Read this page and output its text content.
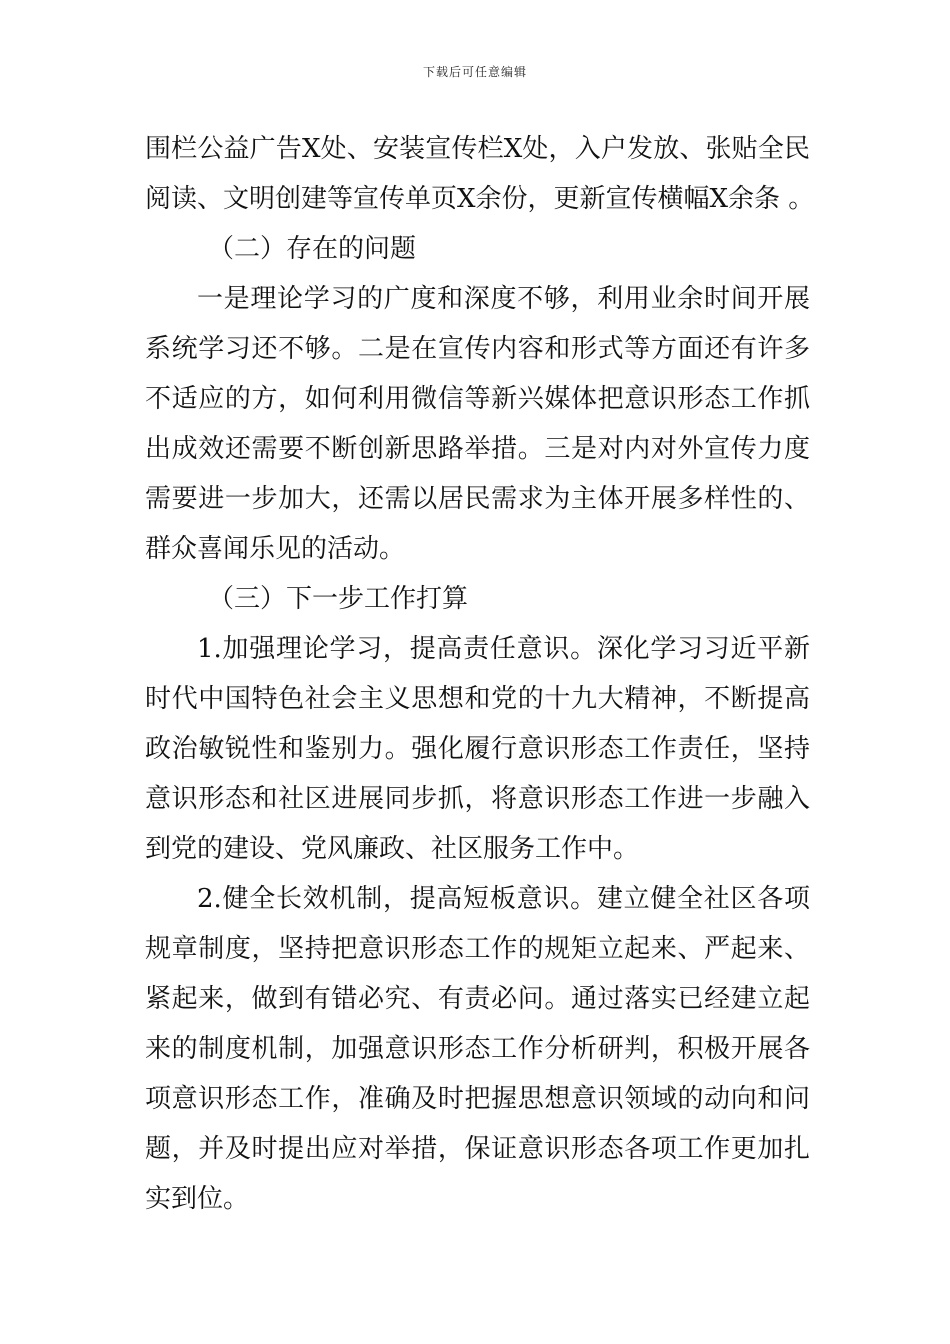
下载后可任意编辑
围栏公益广告X处、安装宣传栏X处，入户发放、张贴全民
阅读、文明创建等宣传单页X余份，更新宣传横幅X余条 。
（二）存在的问题
一是理论学习的广度和深度不够，利用业余时间开展
系统学习还不够。二是在宣传内容和形式等方面还有许多
不适应的方，如何利用微信等新兴媒体把意识形态工作抓
出成效还需要不断创新思路举措。三是对内对外宣传力度
需要进一步加大，还需以居民需求为主体开展多样性的、
群众喜闻乐见的活动。
（三）下一步工作打算
1.加强理论学习，提高责任意识。深化学习习近平新
时代中国特色社会主义思想和党的十九大精神，不断提高
政治敏锐性和鉴别力。强化履行意识形态工作责任，坚持
意识形态和社区进展同步抓，将意识形态工作进一步融入
到党的建设、党风廉政、社区服务工作中。
2.健全长效机制，提高短板意识。建立健全社区各项
规章制度，坚持把意识形态工作的规矩立起来、严起来、
紧起来，做到有错必究、有责必问。通过落实已经建立起
来的制度机制，加强意识形态工作分析研判，积极开展各
项意识形态工作，准确及时把握思想意识领域的动向和问
题，并及时提出应对举措，保证意识形态各项工作更加扎
实到位。
